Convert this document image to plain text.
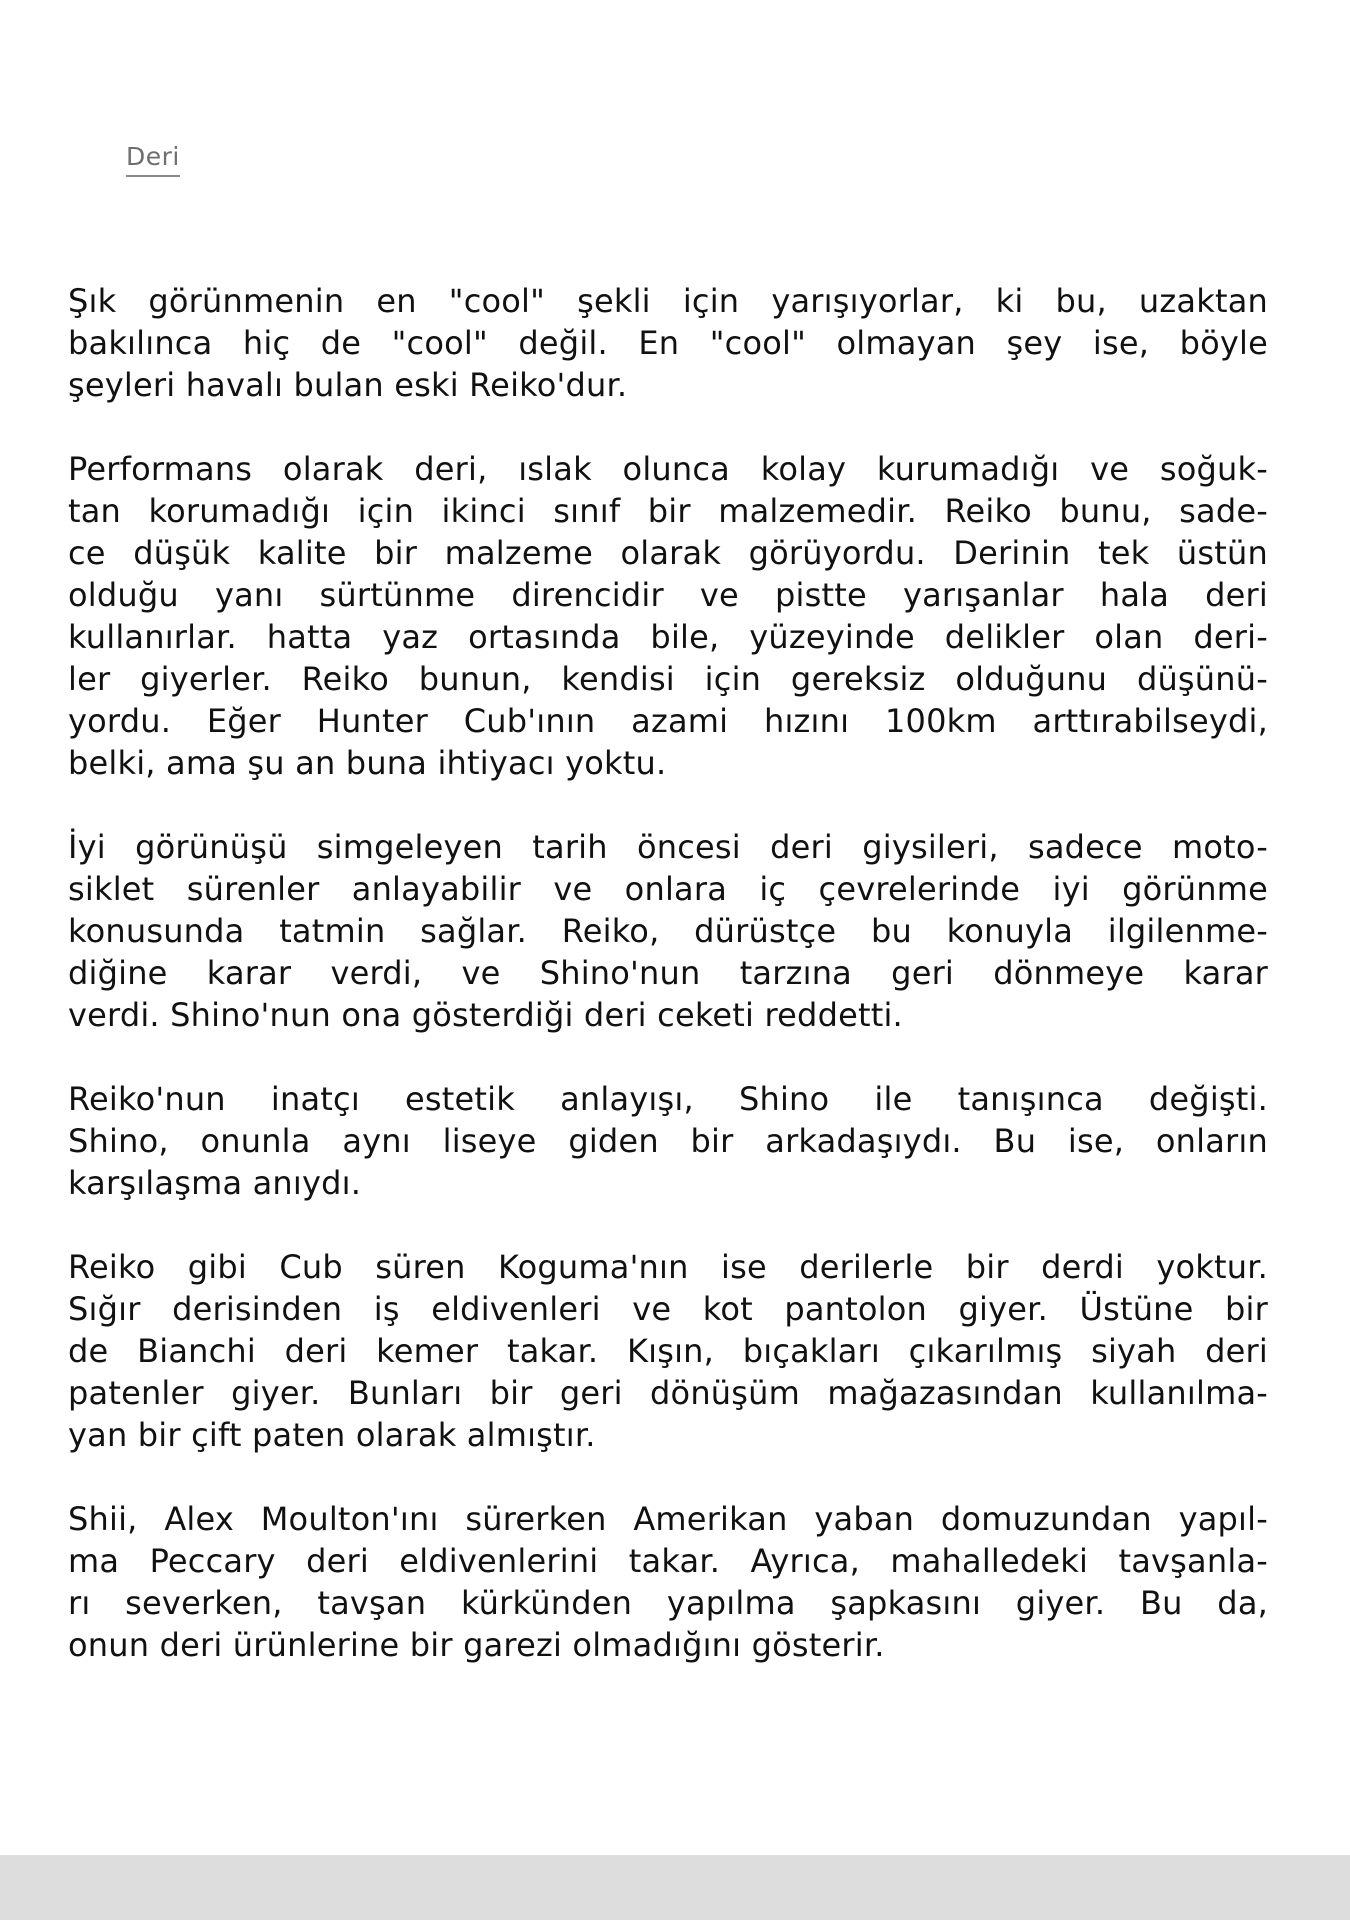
Deri
Şık görünmenin en "cool" şekli için yarışıyorlar, ki bu, uzaktan
bakılınca hiç de "cool" değil. En "cool" olmayan şey ise, böyle
şeyleri havalı bulan eski Reiko'dur.
Performans olarak deri, ıslak olunca kolay kurumadığı ve soğuk-
tan korumadığı için ikinci sınıf bir malzemedir. Reiko bunu, sade-
ce düşük kalite bir malzeme olarak görüyordu. Derinin tek üstün
olduğu yanı sürtünme direncidir ve pistte yarışanlar hala deri
kullanırlar. hatta yaz ortasında bile, yüzeyinde delikler olan deri-
ler giyerler. Reiko bunun, kendisi için gereksiz olduğunu düşünü-
yordu. Eğer Hunter Cub'ının azami hızını 100km arttırabilseydi,
belki, ama şu an buna ihtiyacı yoktu.
İyi görünüşü simgeleyen tarih öncesi deri giysileri, sadece moto-
siklet sürenler anlayabilir ve onlara iç çevrelerinde iyi görünme
konusunda tatmin sağlar. Reiko, dürüstçe bu konuyla ilgilenme-
diğine karar verdi, ve Shino'nun tarzına geri dönmeye karar
verdi. Shino'nun ona gösterdiği deri ceketi reddetti.
Reiko'nun inatçı estetik anlayışı, Shino ile tanışınca değişti.
Shino, onunla aynı liseye giden bir arkadaşıydı. Bu ise, onların
karşılaşma anıydı.
Reiko gibi Cub süren Koguma'nın ise derilerle bir derdi yoktur.
Sığır derisinden iş eldivenleri ve kot pantolon giyer. Üstüne bir
de Bianchi deri kemer takar. Kışın, bıçakları çıkarılmış siyah deri
patenler giyer. Bunları bir geri dönüşüm mağazasından kullanılma-
yan bir çift paten olarak almıştır.
Shii, Alex Moulton'ını sürerken Amerikan yaban domuzundan yapıl-
ma Peccary deri eldivenlerini takar. Ayrıca, mahalledeki tavşanla-
rı severken, tavşan kürkünden yapılma şapkasını giyer. Bu da,
onun deri ürünlerine bir garezi olmadığını gösterir.
